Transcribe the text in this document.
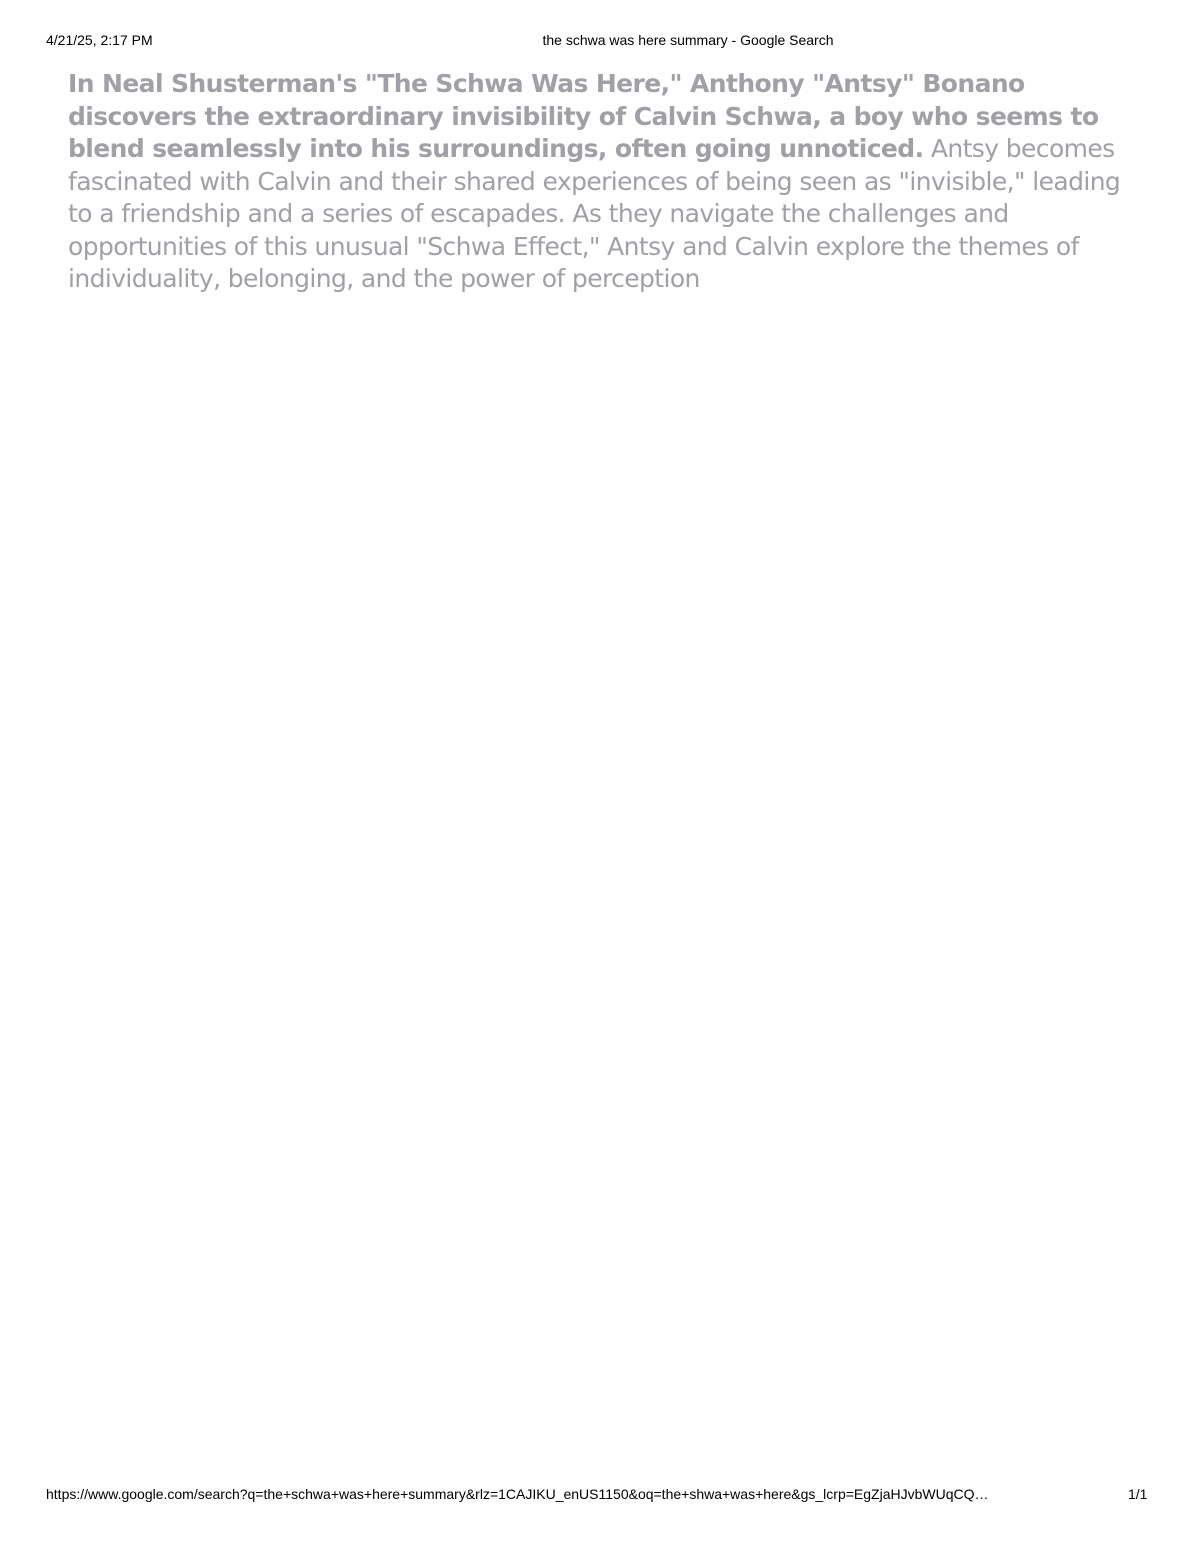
4/21/25, 2:17 PM	the schwa was here summary - Google Search

In Neal Shusterman's "The Schwa Was Here," Anthony "Antsy" Bonano discovers the extraordinary invisibility of Calvin Schwa, a boy who seems to blend seamlessly into his surroundings, often going unnoticed. Antsy becomes fascinated with Calvin and their shared experiences of being seen as "invisible," leading to a friendship and a series of escapades. As they navigate the challenges and opportunities of this unusual "Schwa Effect," Antsy and Calvin explore the themes of individuality, belonging, and the power of perception

https://www.google.com/search?q=the+schwa+was+here+summary&rlz=1CAJIKU_enUS1150&oq=the+shwa+was+here&gs_lcrp=EgZjaHJvbWUqCQ…	1/1
